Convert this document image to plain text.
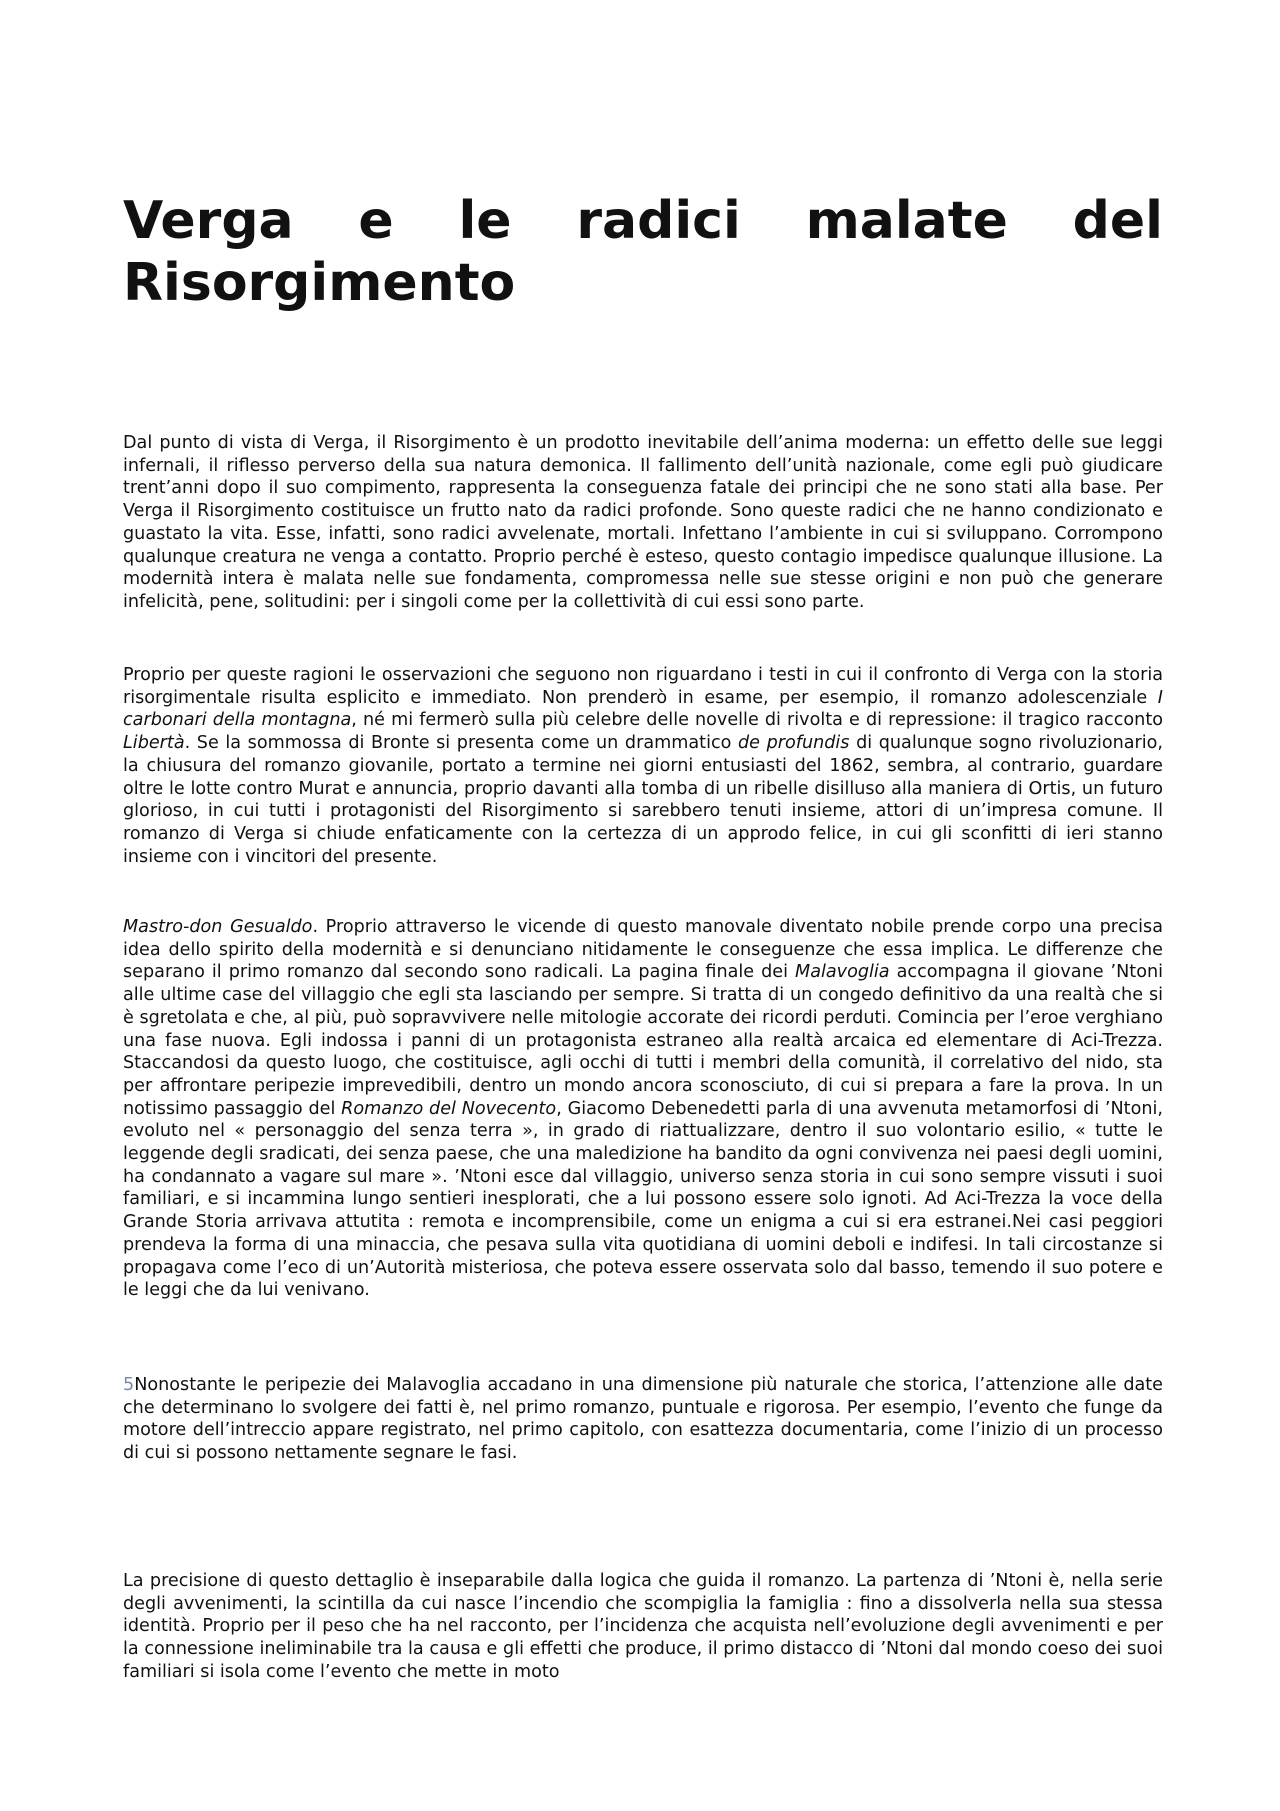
Verga e le radici malate del
Risorgimento

Dal punto di vista di Verga, il Risorgimento è un prodotto inevitabile dell’anima moderna: un effetto delle sue leggi infernali, il riflesso perverso della sua natura demonica. Il fallimento dell’unità nazionale, come egli può giudicare trent’anni dopo il suo compimento, rappresenta la conseguenza fatale dei principi che ne sono stati alla base. Per Verga il Risorgimento costituisce un frutto nato da radici profonde. Sono queste radici che ne hanno condizionato e guastato la vita. Esse, infatti, sono radici avvelenate, mortali. Infettano l’ambiente in cui si sviluppano. Corrompono qualunque creatura ne venga a contatto. Proprio perché è esteso, questo contagio impedisce qualunque illusione. La modernità intera è malata nelle sue fondamenta, compromessa nelle sue stesse origini e non può che generare infelicità, pene, solitudini: per i singoli come per la collettività di cui essi sono parte.

Proprio per queste ragioni le osservazioni che seguono non riguardano i testi in cui il confronto di Verga con la storia risorgimentale risulta esplicito e immediato. Non prenderò in esame, per esempio, il romanzo adolescenziale I carbonari della montagna, né mi fermerò sulla più celebre delle novelle di rivolta e di repressione: il tragico racconto Libertà. Se la sommossa di Bronte si presenta come un drammatico de profundis di qualunque sogno rivoluzionario, la chiusura del romanzo giovanile, portato a termine nei giorni entusiasti del 1862, sembra, al contrario, guardare oltre le lotte contro Murat e annuncia, proprio davanti alla tomba di un ribelle disilluso alla maniera di Ortis, un futuro glorioso, in cui tutti i protagonisti del Risorgimento si sarebbero tenuti insieme, attori di un’impresa comune. Il romanzo di Verga si chiude enfaticamente con la certezza di un approdo felice, in cui gli sconfitti di ieri stanno insieme con i vincitori del presente.

Mastro-don Gesualdo. Proprio attraverso le vicende di questo manovale diventato nobile prende corpo una precisa idea dello spirito della modernità e si denunciano nitidamente le conseguenze che essa implica. Le differenze che separano il primo romanzo dal secondo sono radicali. La pagina finale dei Malavoglia accompagna il giovane ’Ntoni alle ultime case del villaggio che egli sta lasciando per sempre. Si tratta di un congedo definitivo da una realtà che si è sgretolata e che, al più, può sopravvivere nelle mitologie accorate dei ricordi perduti. Comincia per l’eroe verghiano una fase nuova. Egli indossa i panni di un protagonista estraneo alla realtà arcaica ed elementare di Aci-Trezza. Staccandosi da questo luogo, che costituisce, agli occhi di tutti i membri della comunità, il correlativo del nido, sta per affrontare peripezie imprevedibili, dentro un mondo ancora sconosciuto, di cui si prepara a fare la prova. In un notissimo passaggio del Romanzo del Novecento, Giacomo Debenedetti parla di una avvenuta metamorfosi di ’Ntoni, evoluto nel « personaggio del senza terra », in grado di riattualizzare, dentro il suo volontario esilio, « tutte le leggende degli sradicati, dei senza paese, che una maledizione ha bandito da ogni convivenza nei paesi degli uomini, ha condannato a vagare sul mare ». ’Ntoni esce dal villaggio, universo senza storia in cui sono sempre vissuti i suoi familiari, e si incammina lungo sentieri inesplorati, che a lui possono essere solo ignoti. Ad Aci-Trezza la voce della Grande Storia arrivava attutita : remota e incomprensibile, come un enigma a cui si era estranei.Nei casi peggiori prendeva la forma di una minaccia, che pesava sulla vita quotidiana di uomini deboli e indifesi. In tali circostanze si propagava come l’eco di un’Autorità misteriosa, che poteva essere osservata solo dal basso, temendo il suo potere e le leggi che da lui venivano.

5Nonostante le peripezie dei Malavoglia accadano in una dimensione più naturale che storica, l’attenzione alle date che determinano lo svolgere dei fatti è, nel primo romanzo, puntuale e rigorosa. Per esempio, l’evento che funge da motore dell’intreccio appare registrato, nel primo capitolo, con esattezza documentaria, come l’inizio di un processo di cui si possono nettamente segnare le fasi.

La precisione di questo dettaglio è inseparabile dalla logica che guida il romanzo. La partenza di ’Ntoni è, nella serie degli avvenimenti, la scintilla da cui nasce l’incendio che scompiglia la famiglia : fino a dissolverla nella sua stessa identità. Proprio per il peso che ha nel racconto, per l’incidenza che acquista nell’evoluzione degli avvenimenti e per la connessione ineliminabile tra la causa e gli effetti che produce, il primo distacco di ’Ntoni dal mondo coeso dei suoi familiari si isola come l’evento che mette in moto
